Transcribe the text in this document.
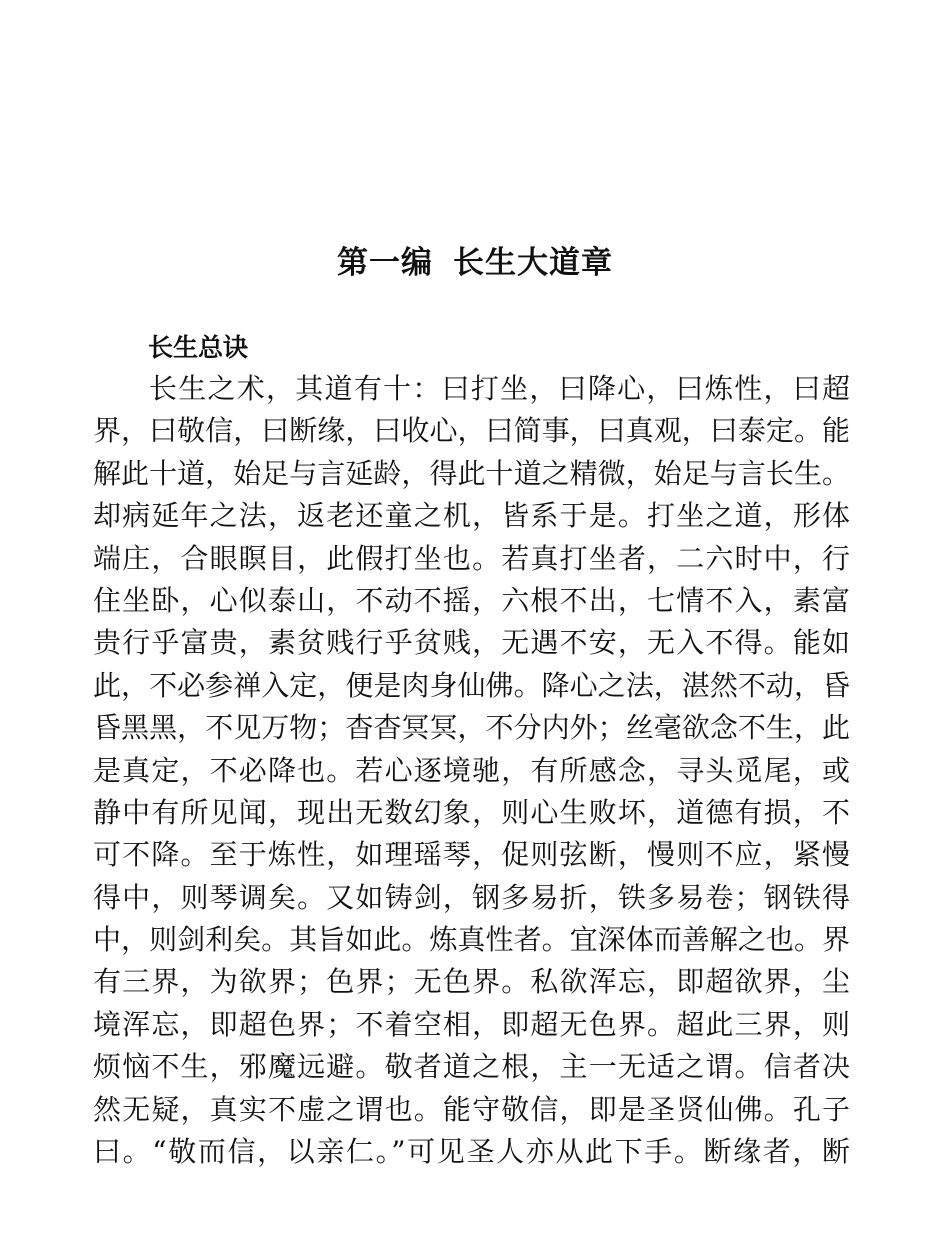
第一编 长生大道章
长生总诀
长生之术，其道有十：曰打坐，曰降心，曰炼性，曰超
界，曰敬信，曰断缘，曰收心，曰简事，曰真观，曰泰定。能
解此十道，始足与言延龄，得此十道之精微，始足与言长生。
却病延年之法，返老还童之机，皆系于是。打坐之道，形体
端庄，合眼瞑目，此假打坐也。若真打坐者，二六时中，行
住坐卧，心似泰山，不动不摇，六根不出，七情不入，素富
贵行乎富贵，素贫贱行乎贫贱，无遇不安，无入不得。能如
此，不必参禅入定，便是肉身仙佛。降心之法，湛然不动，昏
昏黑黑，不见万物；杳杳冥冥，不分内外；丝毫欲念不生，此
是真定，不必降也。若心逐境驰，有所感念，寻头觅尾，或
静中有所见闻，现出无数幻象，则心生败坏，道德有损，不
可不降。至于炼性，如理瑶琴，促则弦断，慢则不应，紧慢
得中，则琴调矣。又如铸剑，钢多易折，铁多易卷；钢铁得
中，则剑利矣。其旨如此。炼真性者。宜深体而善解之也。界
有三界，为欲界；色界；无色界。私欲浑忘，即超欲界，尘
境浑忘，即超色界；不着空相，即超无色界。超此三界，则
烦恼不生，邪魔远避。敬者道之根，主一无适之谓。信者决
然无疑，真实不虚之谓也。能守敬信，即是圣贤仙佛。孔子
曰。“敬而信，以亲仁。”可见圣人亦从此下手。断缘者，断
